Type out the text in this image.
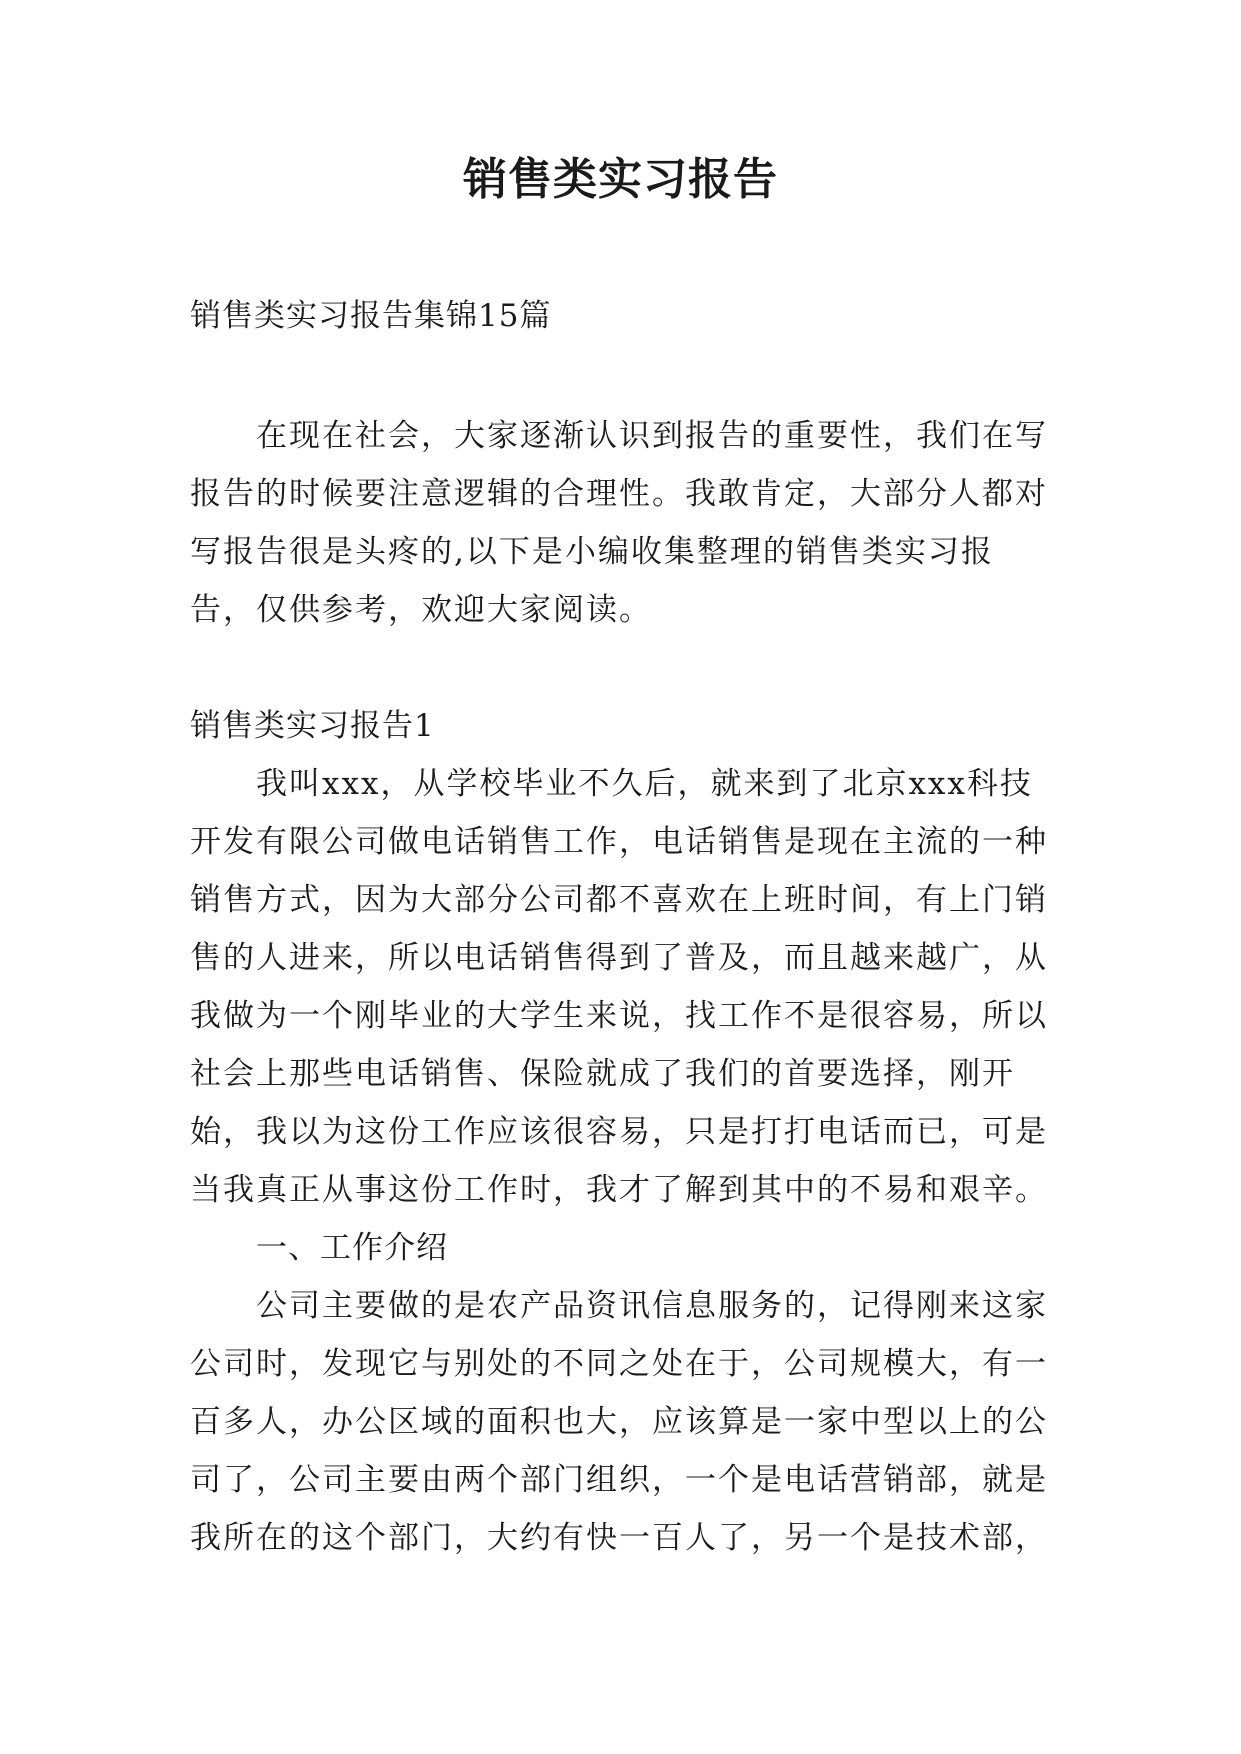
销售类实习报告

销售类实习报告集锦15篇

在现在社会，大家逐渐认识到报告的重要性，我们在写报告的时候要注意逻辑的合理性。我敢肯定，大部分人都对写报告很是头疼的,以下是小编收集整理的销售类实习报告，仅供参考，欢迎大家阅读。

销售类实习报告1

我叫xxx，从学校毕业不久后，就来到了北京xxx科技开发有限公司做电话销售工作，电话销售是现在主流的一种销售方式，因为大部分公司都不喜欢在上班时间，有上门销售的人进来，所以电话销售得到了普及，而且越来越广，从我做为一个刚毕业的大学生来说，找工作不是很容易，所以社会上那些电话销售、保险就成了我们的首要选择，刚开始，我以为这份工作应该很容易，只是打打电话而已，可是当我真正从事这份工作时，我才了解到其中的不易和艰辛。

一、工作介绍

公司主要做的是农产品资讯信息服务的，记得刚来这家公司时，发现它与别处的不同之处在于，公司规模大，有一百多人，办公区域的面积也大，应该算是一家中型以上的公司了，公司主要由两个部门组织，一个是电话营销部，就是我所在的这个部门，大约有快一百人了，另一个是技术部，
